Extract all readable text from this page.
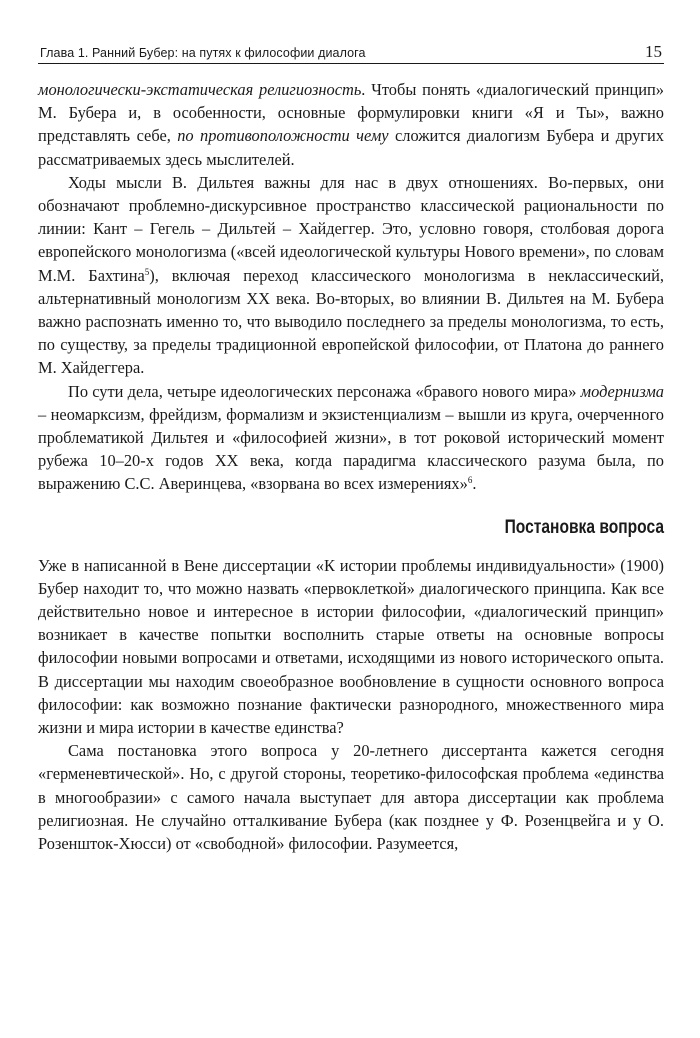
Глава 1. Ранний Бубер: на путях к философии диалога	15

монологически-экстатическая религиозность. Чтобы понять «диалогический принцип» М. Бубера и, в особенности, основные формулировки книги «Я и Ты», важно представлять себе, по противоположности чему сложится диалогизм Бубера и других рассматриваемых здесь мыслителей.

Ходы мысли В. Дильтея важны для нас в двух отношениях. Во-первых, они обозначают проблемно-дискурсивное пространство классической рациональности по линии: Кант – Гегель – Дильтей – Хайдеггер. Это, условно говоря, столбовая дорога европейского монологизма («всей идеологической культуры Нового времени», по словам М.М. Бахтина$^5$), включая переход классического монологизма в неклассический, альтернативный монологизм XX века. Во-вторых, во влиянии В. Дильтея на М. Бубера важно распознать именно то, что выводило последнего за пределы монологизма, то есть, по существу, за пределы традиционной европейской философии, от Платона до раннего М. Хайдеггера.

По сути дела, четыре идеологических персонажа «бравого нового мира» модернизма – неомарксизм, фрейдизм, формализм и экзистенциализм – вышли из круга, очерченного проблематикой Дильтея и «философией жизни», в тот роковой исторический момент рубежа 10–20-х годов XX века, когда парадигма классического разума была, по выражению С.С. Аверинцева, «взорвана во всех измерениях»$^6$.

Постановка вопроса

Уже в написанной в Вене диссертации «К истории проблемы индивидуальности» (1900) Бубер находит то, что можно назвать «первоклеткой» диалогического принципа. Как все действительно новое и интересное в истории философии, «диалогический принцип» возникает в качестве попытки восполнить старые ответы на основные вопросы философии новыми вопросами и ответами, исходящими из нового исторического опыта. В диссертации мы находим своеобразное вообновление в сущности основного вопроса философии: как возможно познание фактически разнородного, множественного мира жизни и мира истории в качестве единства?

Сама постановка этого вопроса у 20-летнего диссертанта кажется сегодня «герменевтической». Но, с другой стороны, теоретико-философская проблема «единства в многообразии» с самого начала выступает для автора диссертации как проблема религиозная. Не случайно отталкивание Бубера (как позднее у Ф. Розенцвейга и у О. Розеншток-Хюсси) от «свободной» философии. Разумеется,
